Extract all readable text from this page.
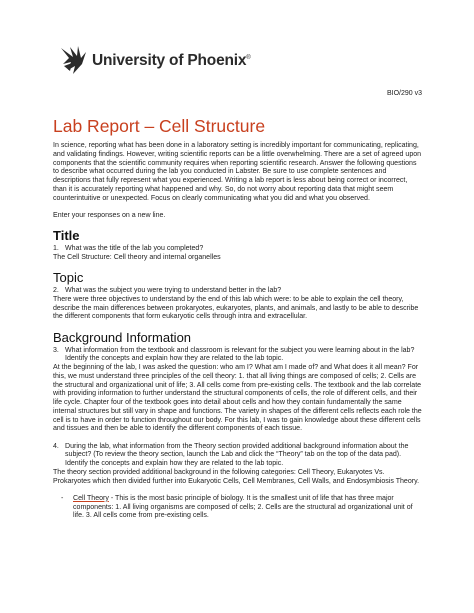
University of Phoenix®
BIO/290 v3
Lab Report – Cell Structure

In science, reporting what has been done in a laboratory setting is incredibly important for communicating, replicating, and validating findings. However, writing scientific reports can be a little overwhelming. There are a set of agreed upon components that the scientific community requires when reporting scientific research. Answer the following questions to describe what occurred during the lab you conducted in Labster. Be sure to use complete sentences and descriptions that fully represent what you experienced. Writing a lab report is less about being correct or incorrect, than it is accurately reporting what happened and why. So, do not worry about reporting data that might seem counterintuitive or unexpected. Focus on clearly communicating what you did and what you observed.

Enter your responses on a new line.

Title
1. What was the title of the lab you completed?

The Cell Structure: Cell theory and internal organelles

Topic
2. What was the subject you were trying to understand better in the lab?

There were three objectives to understand by the end of this lab which were: to be able to explain the cell theory, describe the main differences between prokaryotes, eukaryotes, plants, and animals, and lastly to be able to describe the different components that form eukaryotic cells through intra and extracellular.

Background Information
3. What information from the textbook and classroom is relevant for the subject you were learning about in the lab? Identify the concepts and explain how they are related to the lab topic.

At the beginning of the lab, I was asked the question: who am I? What am I made of? and What does it all mean? For this, we must understand three principles of the cell theory: 1. that all living things are composed of cells; 2. Cells are the structural and organizational unit of life; 3. All cells come from pre-existing cells. The textbook and the lab correlate with providing information to further understand the structural components of cells, the role of different cells, and their life cycle. Chapter four of the textbook goes into detail about cells and how they contain fundamentally the same internal structures but still vary in shape and functions. The variety in shapes of the different cells reflects each role the cell is to have in order to function throughout our body. For this lab, I was to gain knowledge about these different cells and tissues and then be able to identify the different components of each tissue.

4. During the lab, what information from the Theory section provided additional background information about the subject? (To review the theory section, launch the Lab and click the “Theory” tab on the top of the data pad). Identify the concepts and explain how they are related to the lab topic.

The theory section provided additional background in the following categories: Cell Theory, Eukaryotes Vs. Prokaryotes which then divided further into Eukaryotic Cells, Cell Membranes, Cell Walls, and Endosymbiosis Theory.

-	Cell Theory - This is the most basic principle of biology. It is the smallest unit of life that has three major components: 1. All living organisms are composed of cells; 2. Cells are the structural ad organizational unit of life. 3. All cells come from pre-existing cells.
